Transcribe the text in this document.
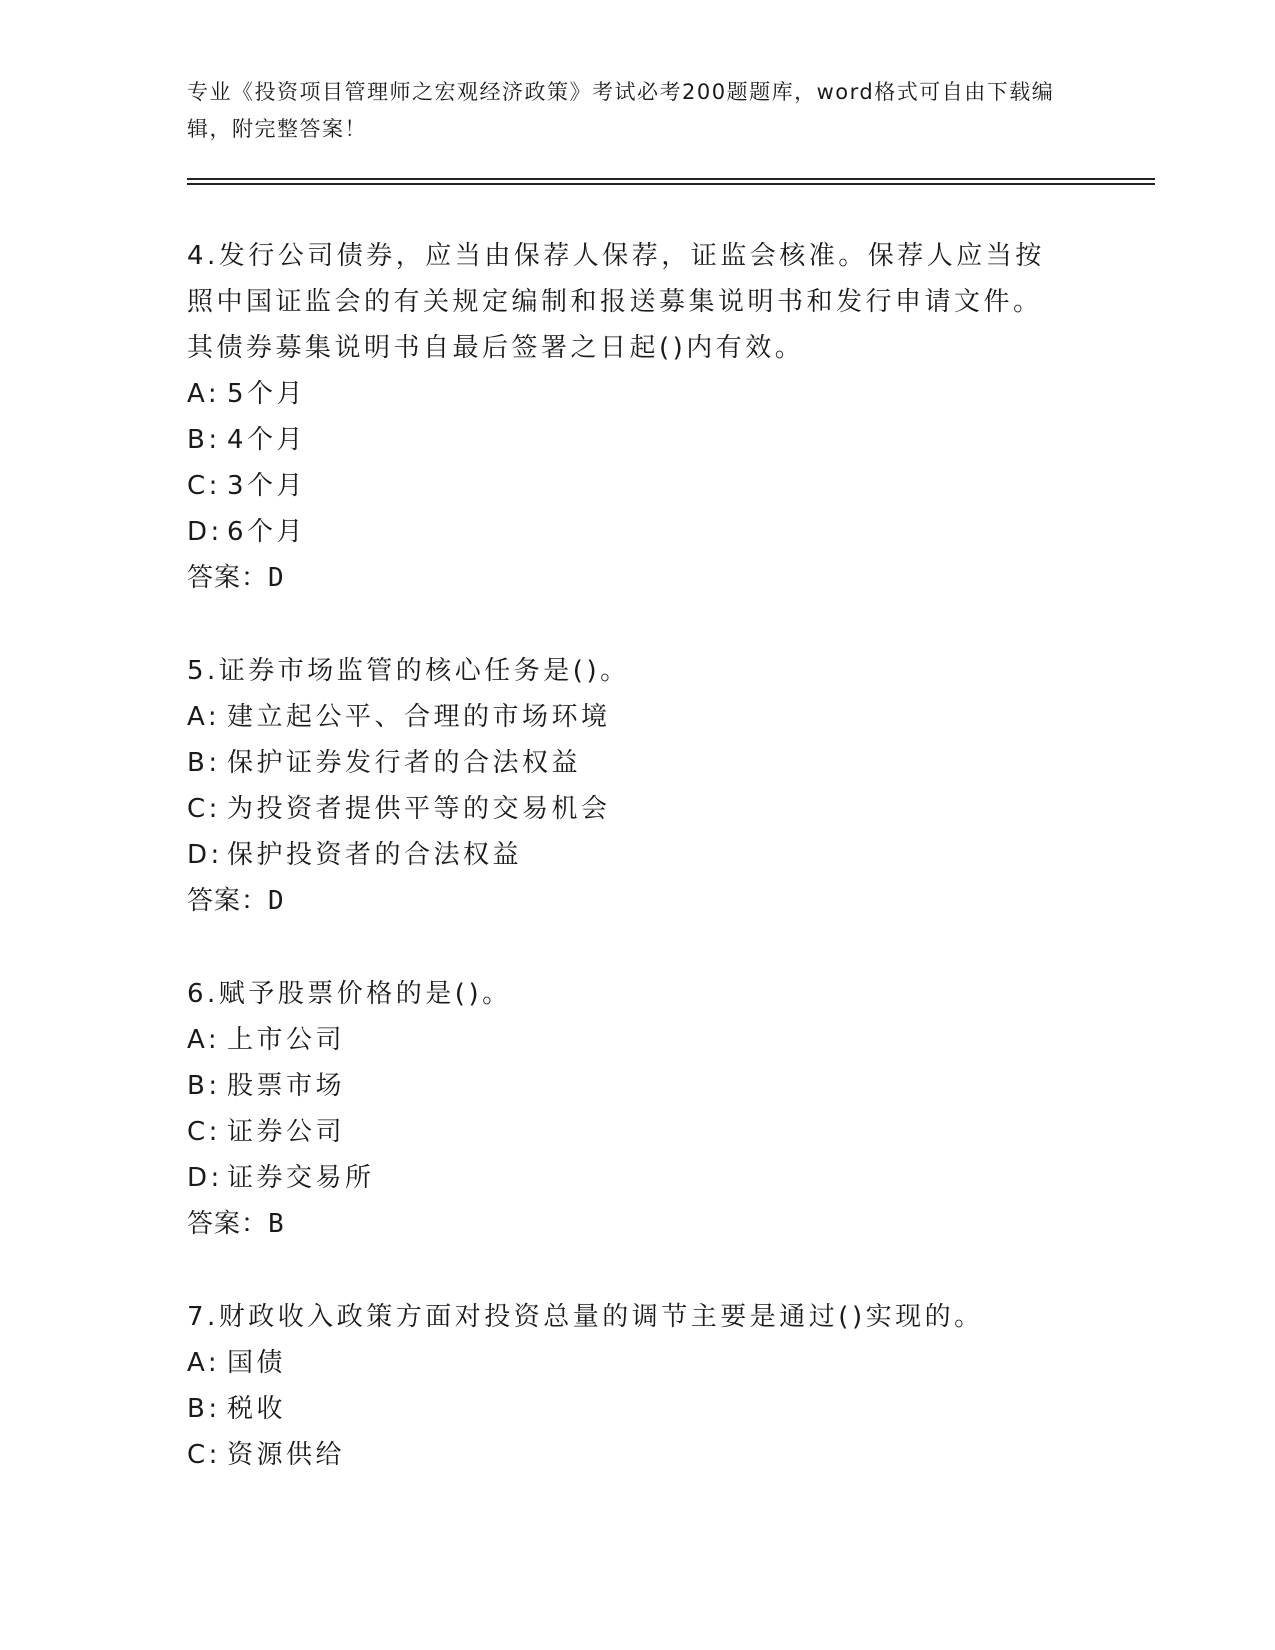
专业《投资项目管理师之宏观经济政策》考试必考200题题库，word格式可自由下载编辑，附完整答案！
4.发行公司债券，应当由保荐人保荐，证监会核准。保荐人应当按照中国证监会的有关规定编制和报送募集说明书和发行申请文件。其债券募集说明书自最后签署之日起()内有效。
A: 5个月
B: 4个月
C: 3个月
D: 6个月
答案：D
5.证券市场监管的核心任务是()。
A: 建立起公平、合理的市场环境
B: 保护证券发行者的合法权益
C: 为投资者提供平等的交易机会
D: 保护投资者的合法权益
答案：D
6.赋予股票价格的是()。
A: 上市公司
B: 股票市场
C: 证券公司
D: 证券交易所
答案：B
7.财政收入政策方面对投资总量的调节主要是通过()实现的。
A: 国债
B: 税收
C: 资源供给
